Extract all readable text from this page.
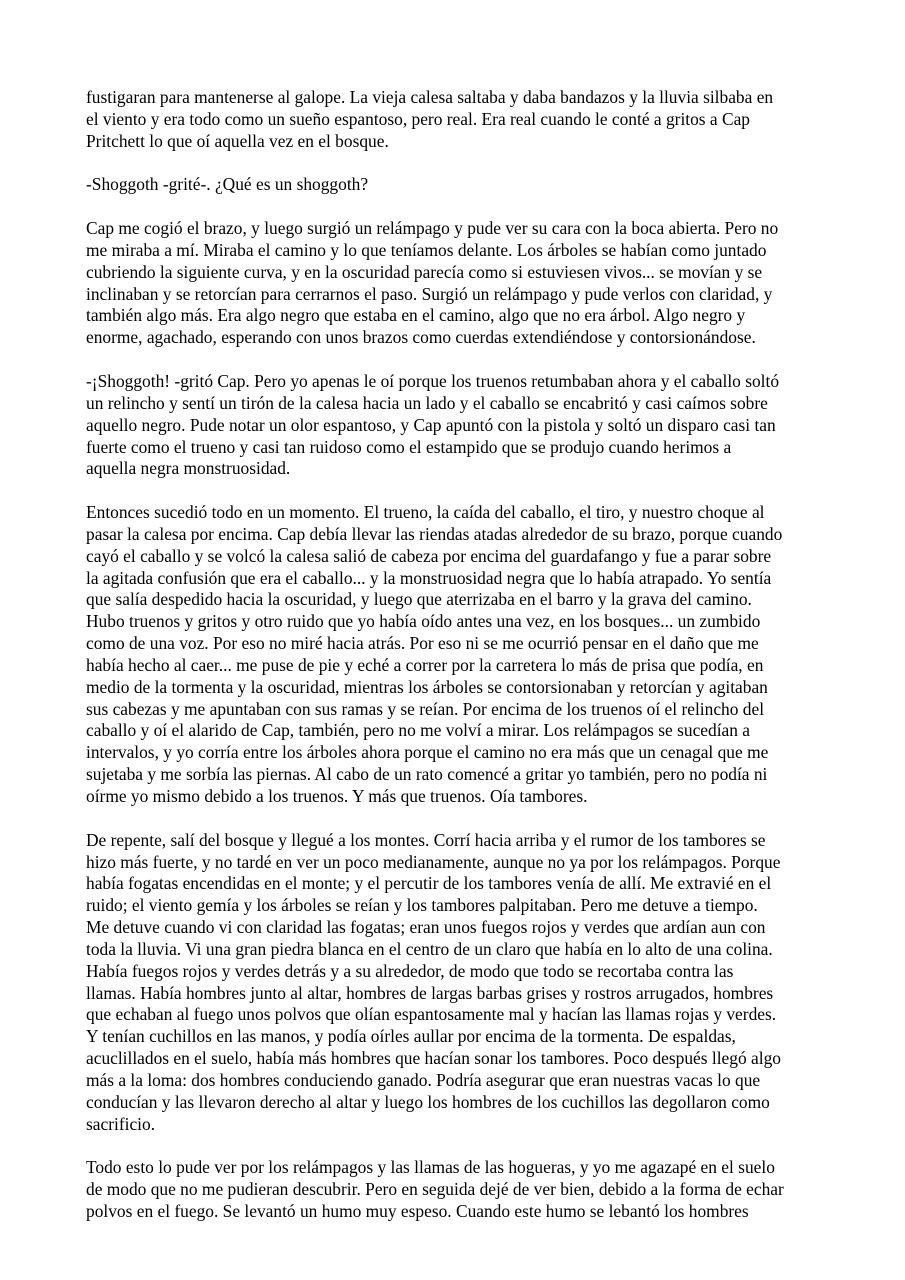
fustigaran para mantenerse al galope. La vieja calesa saltaba y daba bandazos y la lluvia silbaba en
el viento y era todo como un sueño espantoso, pero real. Era real cuando le conté a gritos a Cap
Pritchett lo que oí aquella vez en el bosque.

-Shoggoth -grité-. ¿Qué es un shoggoth?

Cap me cogió el brazo, y luego surgió un relámpago y pude ver su cara con la boca abierta. Pero no
me miraba a mí. Miraba el camino y lo que teníamos delante. Los árboles se habían como juntado
cubriendo la siguiente curva, y en la oscuridad parecía como si estuviesen vivos... se movían y se
inclinaban y se retorcían para cerrarnos el paso. Surgió un relámpago y pude verlos con claridad, y
también algo más. Era algo negro que estaba en el camino, algo que no era árbol. Algo negro y
enorme, agachado, esperando con unos brazos como cuerdas extendiéndose y contorsionándose.

-¡Shoggoth! -gritó Cap. Pero yo apenas le oí porque los truenos retumbaban ahora y el caballo soltó
un relincho y sentí un tirón de la calesa hacia un lado y el caballo se encabritó y casi caímos sobre
aquello negro. Pude notar un olor espantoso, y Cap apuntó con la pistola y soltó un disparo casi tan
fuerte como el trueno y casi tan ruidoso como el estampido que se produjo cuando herimos a
aquella negra monstruosidad.

Entonces sucedió todo en un momento. El trueno, la caída del caballo, el tiro, y nuestro choque al
pasar la calesa por encima. Cap debía llevar las riendas atadas alrededor de su brazo, porque cuando
cayó el caballo y se volcó la calesa salió de cabeza por encima del guardafango y fue a parar sobre
la agitada confusión que era el caballo... y la monstruosidad negra que lo había atrapado. Yo sentía
que salía despedido hacia la oscuridad, y luego que aterrizaba en el barro y la grava del camino.
Hubo truenos y gritos y otro ruido que yo había oído antes una vez, en los bosques... un zumbido
como de una voz. Por eso no miré hacia atrás. Por eso ni se me ocurrió pensar en el daño que me
había hecho al caer... me puse de pie y eché a correr por la carretera lo más de prisa que podía, en
medio de la tormenta y la oscuridad, mientras los árboles se contorsionaban y retorcían y agitaban
sus cabezas y me apuntaban con sus ramas y se reían. Por encima de los truenos oí el relincho del
caballo y oí el alarido de Cap, también, pero no me volví a mirar. Los relámpagos se sucedían a
intervalos, y yo corría entre los árboles ahora porque el camino no era más que un cenagal que me
sujetaba y me sorbía las piernas. Al cabo de un rato comencé a gritar yo también, pero no podía ni
oírme yo mismo debido a los truenos. Y más que truenos. Oía tambores.

De repente, salí del bosque y llegué a los montes. Corrí hacia arriba y el rumor de los tambores se
hizo más fuerte, y no tardé en ver un poco medianamente, aunque no ya por los relámpagos. Porque
había fogatas encendidas en el monte; y el percutir de los tambores venía de allí. Me extravié en el
ruido; el viento gemía y los árboles se reían y los tambores palpitaban. Pero me detuve a tiempo.
Me detuve cuando vi con claridad las fogatas; eran unos fuegos rojos y verdes que ardían aun con
toda la lluvia. Vi una gran piedra blanca en el centro de un claro que había en lo alto de una colina.
Había fuegos rojos y verdes detrás y a su alrededor, de modo que todo se recortaba contra las
llamas. Había hombres junto al altar, hombres de largas barbas grises y rostros arrugados, hombres
que echaban al fuego unos polvos que olían espantosamente mal y hacían las llamas rojas y verdes.
Y tenían cuchillos en las manos, y podía oírles aullar por encima de la tormenta. De espaldas,
acuclillados en el suelo, había más hombres que hacían sonar los tambores. Poco después llegó algo
más a la loma: dos hombres conduciendo ganado. Podría asegurar que eran nuestras vacas lo que
conducían y las llevaron derecho al altar y luego los hombres de los cuchillos las degollaron como
sacrificio.

Todo esto lo pude ver por los relámpagos y las llamas de las hogueras, y yo me agazapé en el suelo
de modo que no me pudieran descubrir. Pero en seguida dejé de ver bien, debido a la forma de echar
polvos en el fuego. Se levantó un humo muy espeso. Cuando este humo se lebantó los hombres
